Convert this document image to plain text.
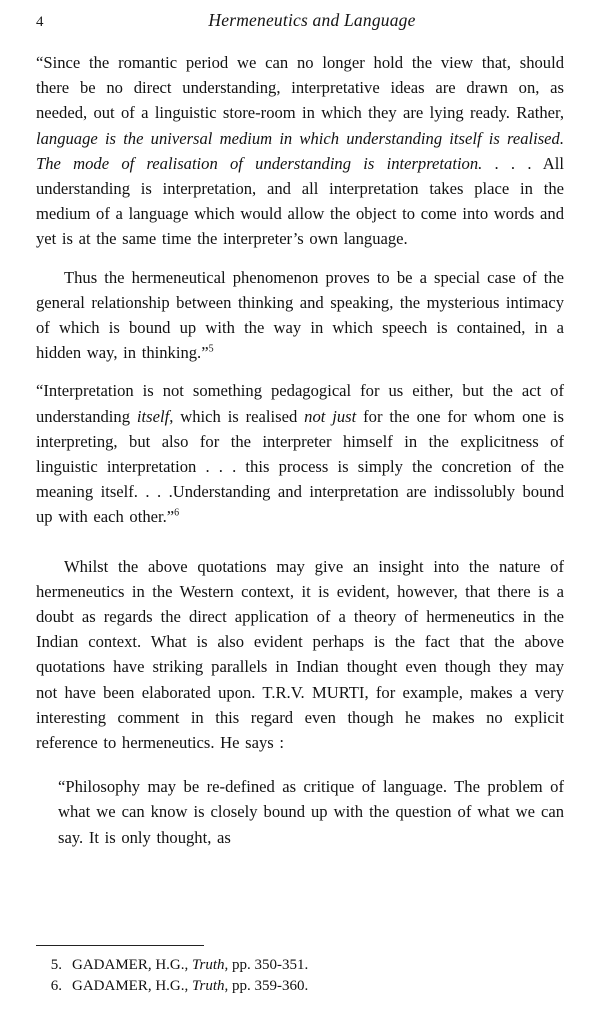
4	Hermeneutics and Language

“Since the romantic period we can no longer hold the view that, should there be no direct understanding, interpretative ideas are drawn on, as needed, out of a linguistic store-room in which they are lying ready. Rather, language is the universal medium in which understanding itself is realised. The mode of realisation of understanding is interpretation. . . . All understanding is interpretation, and all interpretation takes place in the medium of a language which would allow the object to come into words and yet is at the same time the interpreter’s own language.

Thus the hermeneutical phenomenon proves to be a special case of the general relationship between thinking and speaking, the mysterious intimacy of which is bound up with the way in which speech is contained, in a hidden way, in thinking.”$^5$

“Interpretation is not something pedagogical for us either, but the act of understanding itself, which is realised not just for the one for whom one is interpreting, but also for the interpreter himself in the explicitness of linguistic interpretation . . . this process is simply the concretion of the meaning itself. . . .Understanding and interpretation are indissolubly bound up with each other.”$^6$

Whilst the above quotations may give an insight into the nature of hermeneutics in the Western context, it is evident, however, that there is a doubt as regards the direct application of a theory of hermeneutics in the Indian context. What is also evident perhaps is the fact that the above quotations have striking parallels in Indian thought even though they may not have been elaborated upon. T.R.V. MURTI, for example, makes a very interesting comment in this regard even though he makes no explicit reference to hermeneutics. He says :

“Philosophy may be re-defined as critique of language. The problem of what we can know is closely bound up with the question of what we can say. It is only thought, as

5. GADAMER, H.G., Truth, pp. 350-351.
6. GADAMER, H.G., Truth, pp. 359-360.
